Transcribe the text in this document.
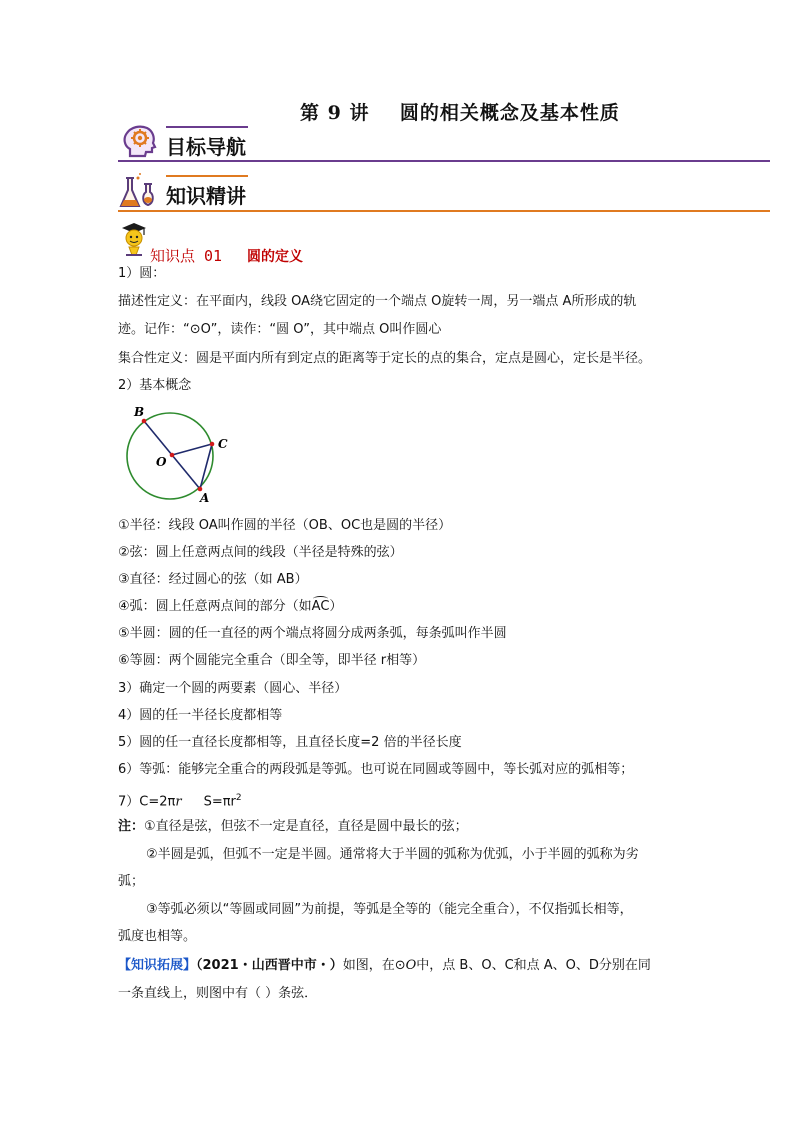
第 9 讲    圆的相关概念及基本性质
目标导航
知识精讲
知识点 01 圆的定义
1）圆：
描述性定义：在平面内，线段 OA绕它固定的一个端点 O旋转一周，另一端点 A所形成的轨
迹。记作：“⊙O”，读作：“圆 O”，其中端点 O叫作圆心
集合性定义：圆是平面内所有到定点的距离等于定长的点的集合，定点是圆心，定长是半径。
2）基本概念
B
C
O
A
①半径：线段 OA叫作圆的半径（OB、OC也是圆的半径）
②弦：圆上任意两点间的线段（半径是特殊的弦）
③直径：经过圆心的弦（如 AB）
④弧：圆上任意两点间的部分（如AC）
⑤半圆：圆的任一直径的两个端点将圆分成两条弧，每条弧叫作半圆
⑥等圆：两个圆能完全重合（即全等，即半径 r相等）
3）确定一个圆的两要素（圆心、半径）
4）圆的任一半径长度都相等
5）圆的任一直径长度都相等，且直径长度=2 倍的半径长度
6）等弧：能够完全重合的两段弧是等弧。也可说在同圆或等圆中，等长弧对应的弧相等；
7）C=2πr $S=\pi r^2$
注：①直径是弦，但弦不一定是直径，直径是圆中最长的弦；
②半圆是弧，但弧不一定是半圆。通常将大于半圆的弧称为优弧，小于半圆的弧称为劣
弧；
③等弧必须以“等圆或同圆”为前提，等弧是全等的（能完全重合），不仅指弧长相等，
弧度也相等。
【知识拓展】（2021・山西晋中市・）如图，在⊙O中，点 B、O、C和点 A、O、D分别在同
一条直线上，则图中有（ ）条弦．
